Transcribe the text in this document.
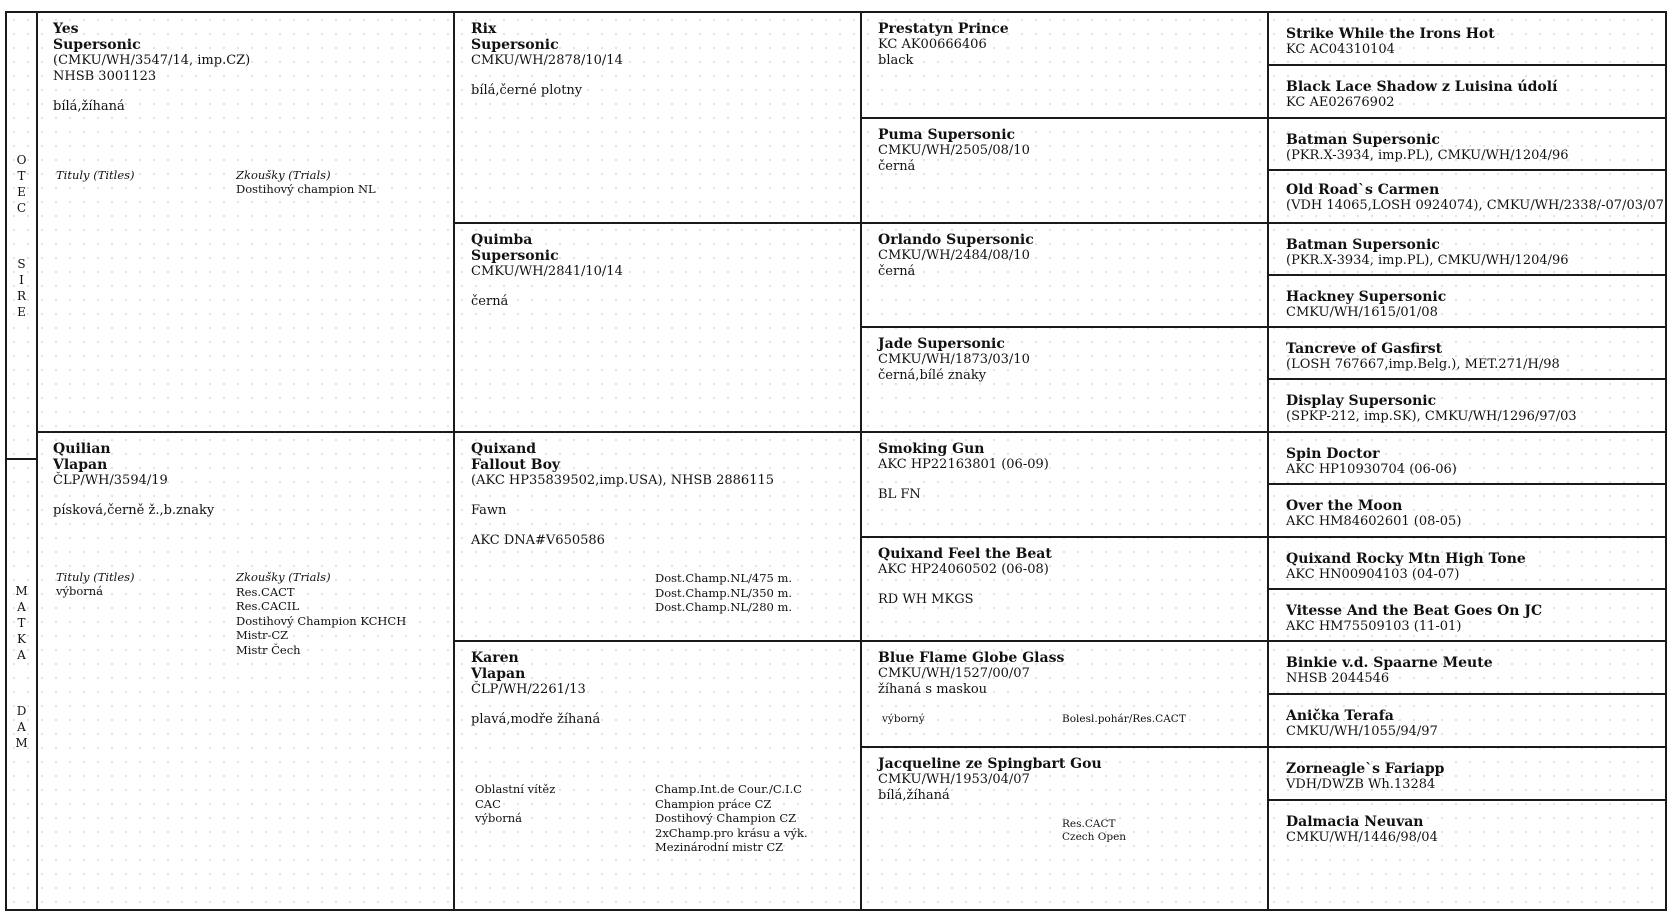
O
T
E
C
S
I
R
E
M
A
T
K
A
D
A
M
Yes
Supersonic
(CMKU/WH/3547/14, imp.CZ)
NHSB 3001123
bílá,žíhaná
Tituly (Titles)	Zkoušky (Trials)
Dostihový champion NL
Quilian
Vlapan
ČLP/WH/3594/19
písková,černě ž.,b.znaky
Tituly (Titles)
výborná
Zkoušky (Trials)
Res.CACT
Res.CACIL
Dostihový Champion KCHCH
Mistr-CZ
Mistr Čech
Rix
Supersonic
CMKU/WH/2878/10/14
bílá,černé plotny
Quimba
Supersonic
CMKU/WH/2841/10/14
černá
Quixand
Fallout Boy
(AKC HP35839502,imp.USA), NHSB 2886115
Fawn
AKC DNA#V650586
Dost.Champ.NL/475 m.
Dost.Champ.NL/350 m.
Dost.Champ.NL/280 m.
Karen
Vlapan
ČLP/WH/2261/13
plavá,modře žíhaná
Oblastní vítěz
CAC
výborná
Champ.Int.de Cour./C.I.C
Champion práce CZ
Dostihový Champion CZ
2xChamp.pro krásu a výk.
Mezinárodní mistr CZ
Prestatyn Prince
KC AK00666406
black
Puma Supersonic
CMKU/WH/2505/08/10
černá
Orlando Supersonic
CMKU/WH/2484/08/10
černá
Jade Supersonic
CMKU/WH/1873/03/10
černá,bílé znaky
Smoking Gun
AKC HP22163801 (06-09)
BL FN
Quixand Feel the Beat
AKC HP24060502 (06-08)
RD WH MKGS
Blue Flame Globe Glass
CMKU/WH/1527/00/07
žíhaná s maskou
výborný	Bolesl.pohár/Res.CACT
Jacqueline ze Spingbart Gou
CMKU/WH/1953/04/07
bílá,žíhaná
Res.CACT
Czech Open
Strike While the Irons Hot
KC AC04310104
Black Lace Shadow z Luisina údolí
KC AE02676902
Batman Supersonic
(PKR.X-3934, imp.PL), CMKU/WH/1204/96
Old Road`s Carmen
(VDH 14065,LOSH 0924074), CMKU/WH/2338/-07/03/07
Batman Supersonic
(PKR.X-3934, imp.PL), CMKU/WH/1204/96
Hackney Supersonic
CMKU/WH/1615/01/08
Tancreve of Gasfirst
(LOSH 767667,imp.Belg.), MET.271/H/98
Display Supersonic
(SPKP-212, imp.SK), CMKU/WH/1296/97/03
Spin Doctor
AKC HP10930704 (06-06)
Over the Moon
AKC HM84602601 (08-05)
Quixand Rocky Mtn High Tone
AKC HN00904103 (04-07)
Vitesse And the Beat Goes On JC
AKC HM75509103 (11-01)
Binkie v.d. Spaarne Meute
NHSB 2044546
Anička Terafa
CMKU/WH/1055/94/97
Zorneagle`s Fariapp
VDH/DWZB Wh.13284
Dalmacia Neuvan
CMKU/WH/1446/98/04
